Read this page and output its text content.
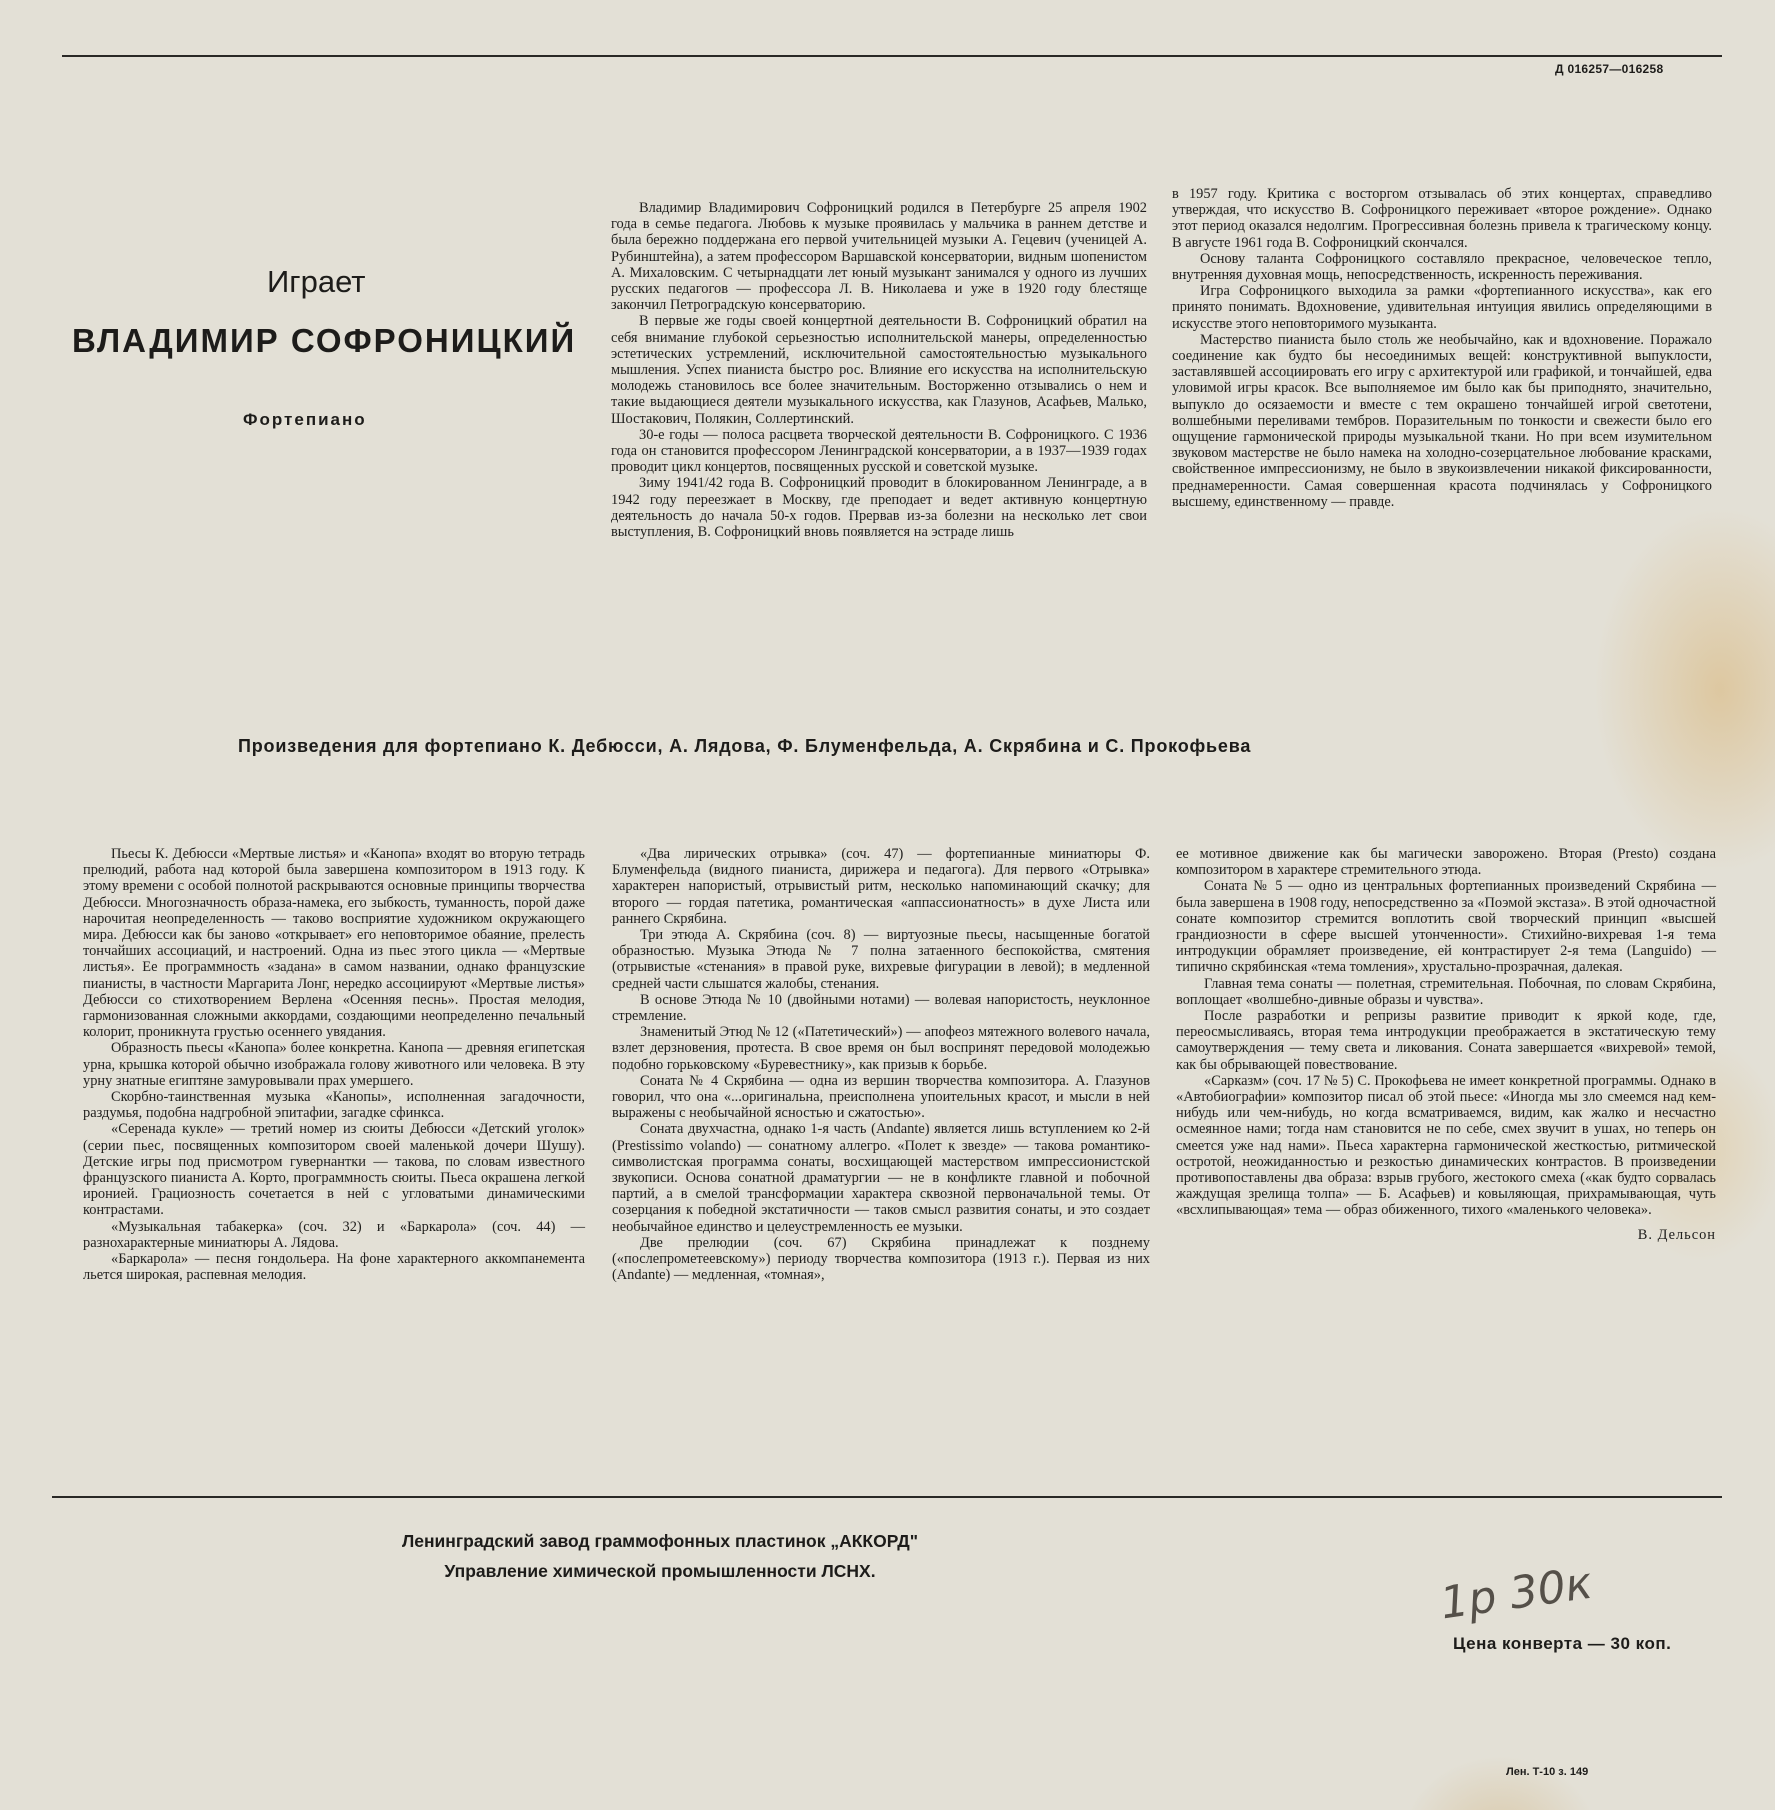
Д 016257—016258
Играет
ВЛАДИМИР СОФРОНИЦКИЙ
Фортепиано

Владимир Владимирович Софроницкий родился в Петербурге 25 апреля 1902 года в семье педагога. Любовь к музыке проявилась у мальчика в раннем детстве и была бережно поддержана его первой учительницей музыки А. Гецевич (ученицей А. Рубинштейна), а затем профессором Варшавской консерватории, видным шопенистом А. Михаловским. С четырнадцати лет юный музыкант занимался у одного из лучших русских педагогов — профессора Л. В. Николаева и уже в 1920 году блестяще закончил Петроградскую консерваторию.

В первые же годы своей концертной деятельности В. Софроницкий обратил на себя внимание глубокой серьезностью исполнительской манеры, определенностью эстетических устремлений, исключительной самостоятельностью музыкального мышления. Успех пианиста быстро рос. Влияние его искусства на исполнительскую молодежь становилось все более значительным. Восторженно отзывались о нем и такие выдающиеся деятели музыкального искусства, как Глазунов, Асафьев, Малько, Шостакович, Полякин, Соллертинский.

30-е годы — полоса расцвета творческой деятельности В. Софроницкого. С 1936 года он становится профессором Ленинградской консерватории, а в 1937—1939 годах проводит цикл концертов, посвященных русской и советской музыке.

Зиму 1941/42 года В. Софроницкий проводит в блокированном Ленинграде, а в 1942 году переезжает в Москву, где преподает и ведет активную концертную деятельность до начала 50-х годов. Прервав из-за болезни на несколько лет свои выступления, В. Софроницкий вновь появляется на эстраде лишь

в 1957 году. Критика с восторгом отзывалась об этих концертах, справедливо утверждая, что искусство В. Софроницкого переживает «второе рождение». Однако этот период оказался недолгим. Прогрессивная болезнь привела к трагическому концу. В августе 1961 года В. Софроницкий скончался.

Основу таланта Софроницкого составляло прекрасное, человеческое тепло, внутренняя духовная мощь, непосредственность, искренность переживания.

Игра Софроницкого выходила за рамки «фортепианного искусства», как его принято понимать. Вдохновение, удивительная интуиция явились определяющими в искусстве этого неповторимого музыканта.

Мастерство пианиста было столь же необычайно, как и вдохновение. Поражало соединение как будто бы несоединимых вещей: конструктивной выпуклости, заставлявшей ассоциировать его игру с архитектурой или графикой, и тончайшей, едва уловимой игры красок. Все выполняемое им было как бы приподнято, значительно, выпукло до осязаемости и вместе с тем окрашено тончайшей игрой светотени, волшебными переливами тембров. Поразительным по тонкости и свежести было его ощущение гармонической природы музыкальной ткани. Но при всем изумительном звуковом мастерстве не было намека на холодно-созерцательное любование красками, свойственное импрессионизму, не было в звукоизвлечении никакой фиксированности, преднамеренности. Самая совершенная красота подчинялась у Софроницкого высшему, единственному — правде.

Произведения для фортепиано К. Дебюсси, А. Лядова, Ф. Блуменфельда, А. Скрябина и С. Прокофьева

Пьесы К. Дебюсси «Мертвые листья» и «Канопа» входят во вторую тетрадь прелюдий, работа над которой была завершена композитором в 1913 году. К этому времени с особой полнотой раскрываются основные принципы творчества Дебюсси. Многозначность образа-намека, его зыбкость, туманность, порой даже нарочитая неопределенность — таково восприятие художником окружающего мира. Дебюсси как бы заново «открывает» его неповторимое обаяние, прелесть тончайших ассоциаций, и настроений. Одна из пьес этого цикла — «Мертвые листья». Ее программность «задана» в самом названии, однако французские пианисты, в частности Маргарита Лонг, нередко ассоциируют «Мертвые листья» Дебюсси со стихотворением Верлена «Осенняя песнь». Простая мелодия, гармонизованная сложными аккордами, создающими неопределенно печальный колорит, проникнута грустью осеннего увядания.

Образность пьесы «Канопа» более конкретна. Канопа — древняя египетская урна, крышка которой обычно изображала голову животного или человека. В эту урну знатные египтяне замуровывали прах умершего.

Скорбно-таинственная музыка «Канопы», исполненная загадочности, раздумья, подобна надгробной эпитафии, загадке сфинкса.

«Серенада кукле» — третий номер из сюиты Дебюсси «Детский уголок» (серии пьес, посвященных композитором своей маленькой дочери Шушу). Детские игры под присмотром гувернантки — такова, по словам известного французского пианиста А. Корто, программность сюиты. Пьеса окрашена легкой иронией. Грациозность сочетается в ней с угловатыми динамическими контрастами.

«Музыкальная табакерка» (соч. 32) и «Баркарола» (соч. 44) — разнохарактерные миниатюры А. Лядова.

«Баркарола» — песня гондольера. На фоне характерного аккомпанемента льется широкая, распевная мелодия.

«Два лирических отрывка» (соч. 47) — фортепианные миниатюры Ф. Блуменфельда (видного пианиста, дирижера и педагога). Для первого «Отрывка» характерен напористый, отрывистый ритм, несколько напоминающий скачку; для второго — гордая патетика, романтическая «аппассионатность» в духе Листа или раннего Скрябина.

Три этюда А. Скрябина (соч. 8) — виртуозные пьесы, насыщенные богатой образностью. Музыка Этюда № 7 полна затаенного беспокойства, смятения (отрывистые «стенания» в правой руке, вихревые фигурации в левой); в медленной средней части слышатся жалобы, стенания.

В основе Этюда № 10 (двойными нотами) — волевая напористость, неуклонное стремление.

Знаменитый Этюд № 12 («Патетический») — апофеоз мятежного волевого начала, взлет дерзновения, протеста. В свое время он был воспринят передовой молодежью подобно горьковскому «Буревестнику», как призыв к борьбе.

Соната № 4 Скрябина — одна из вершин творчества композитора. А. Глазунов говорил, что она «...оригинальна, преисполнена упоительных красот, и мысли в ней выражены с необычайной ясностью и сжатостью».

Соната двухчастна, однако 1-я часть (Andante) является лишь вступлением ко 2-й (Prestissimo volando) — сонатному аллегро. «Полет к звезде» — такова романтико-символистская программа сонаты, восхищающей мастерством импрессионистской звукописи. Основа сонатной драматургии — не в конфликте главной и побочной партий, а в смелой трансформации характера сквозной первоначальной темы. От созерцания к победной экстатичности — таков смысл развития сонаты, и это создает необычайное единство и целеустремленность ее музыки.

Две прелюдии (соч. 67) Скрябина принадлежат к позднему («послепрометеевскому») периоду творчества композитора (1913 г.). Первая из них (Andante) — медленная, «томная»,

ее мотивное движение как бы магически заворожено. Вторая (Presto) создана композитором в характере стремительного этюда.

Соната № 5 — одно из центральных фортепианных произведений Скрябина — была завершена в 1908 году, непосредственно за «Поэмой экстаза». В этой одночастной сонате композитор стремится воплотить свой творческий принцип «высшей грандиозности в сфере высшей утонченности». Стихийно-вихревая 1-я тема интродукции обрамляет произведение, ей контрастирует 2-я тема (Languido) — типично скрябинская «тема томления», хрустально-прозрачная, далекая.

Главная тема сонаты — полетная, стремительная. Побочная, по словам Скрябина, воплощает «волшебно-дивные образы и чувства».

После разработки и репризы развитие приводит к яркой коде, где, переосмысливаясь, вторая тема интродукции преображается в экстатическую тему самоутверждения — тему света и ликования. Соната завершается «вихревой» темой, как бы обрывающей повествование.

«Сарказм» (соч. 17 № 5) С. Прокофьева не имеет конкретной программы. Однако в «Автобиографии» композитор писал об этой пьесе: «Иногда мы зло смеемся над кем-нибудь или чем-нибудь, но когда всматриваемся, видим, как жалко и несчастно осмеянное нами; тогда нам становится не по себе, смех звучит в ушах, но теперь он смеется уже над нами». Пьеса характерна гармонической жесткостью, ритмической остротой, неожиданностью и резкостью динамических контрастов. В произведении противопоставлены два образа: взрыв грубого, жестокого смеха («как будто сорвалась жаждущая зрелища толпа» — Б. Асафьев) и ковыляющая, прихрамывающая, чуть «всхлипывающая» тема — образ обиженного, тихого «маленького человека».

В. Дельсон

Ленинградский завод граммофонных пластинок „АККОРД"
Управление химической промышленности ЛСНХ.	1р 30к
Цена конверта — 30 коп.
Лен. Т-10 з. 149
